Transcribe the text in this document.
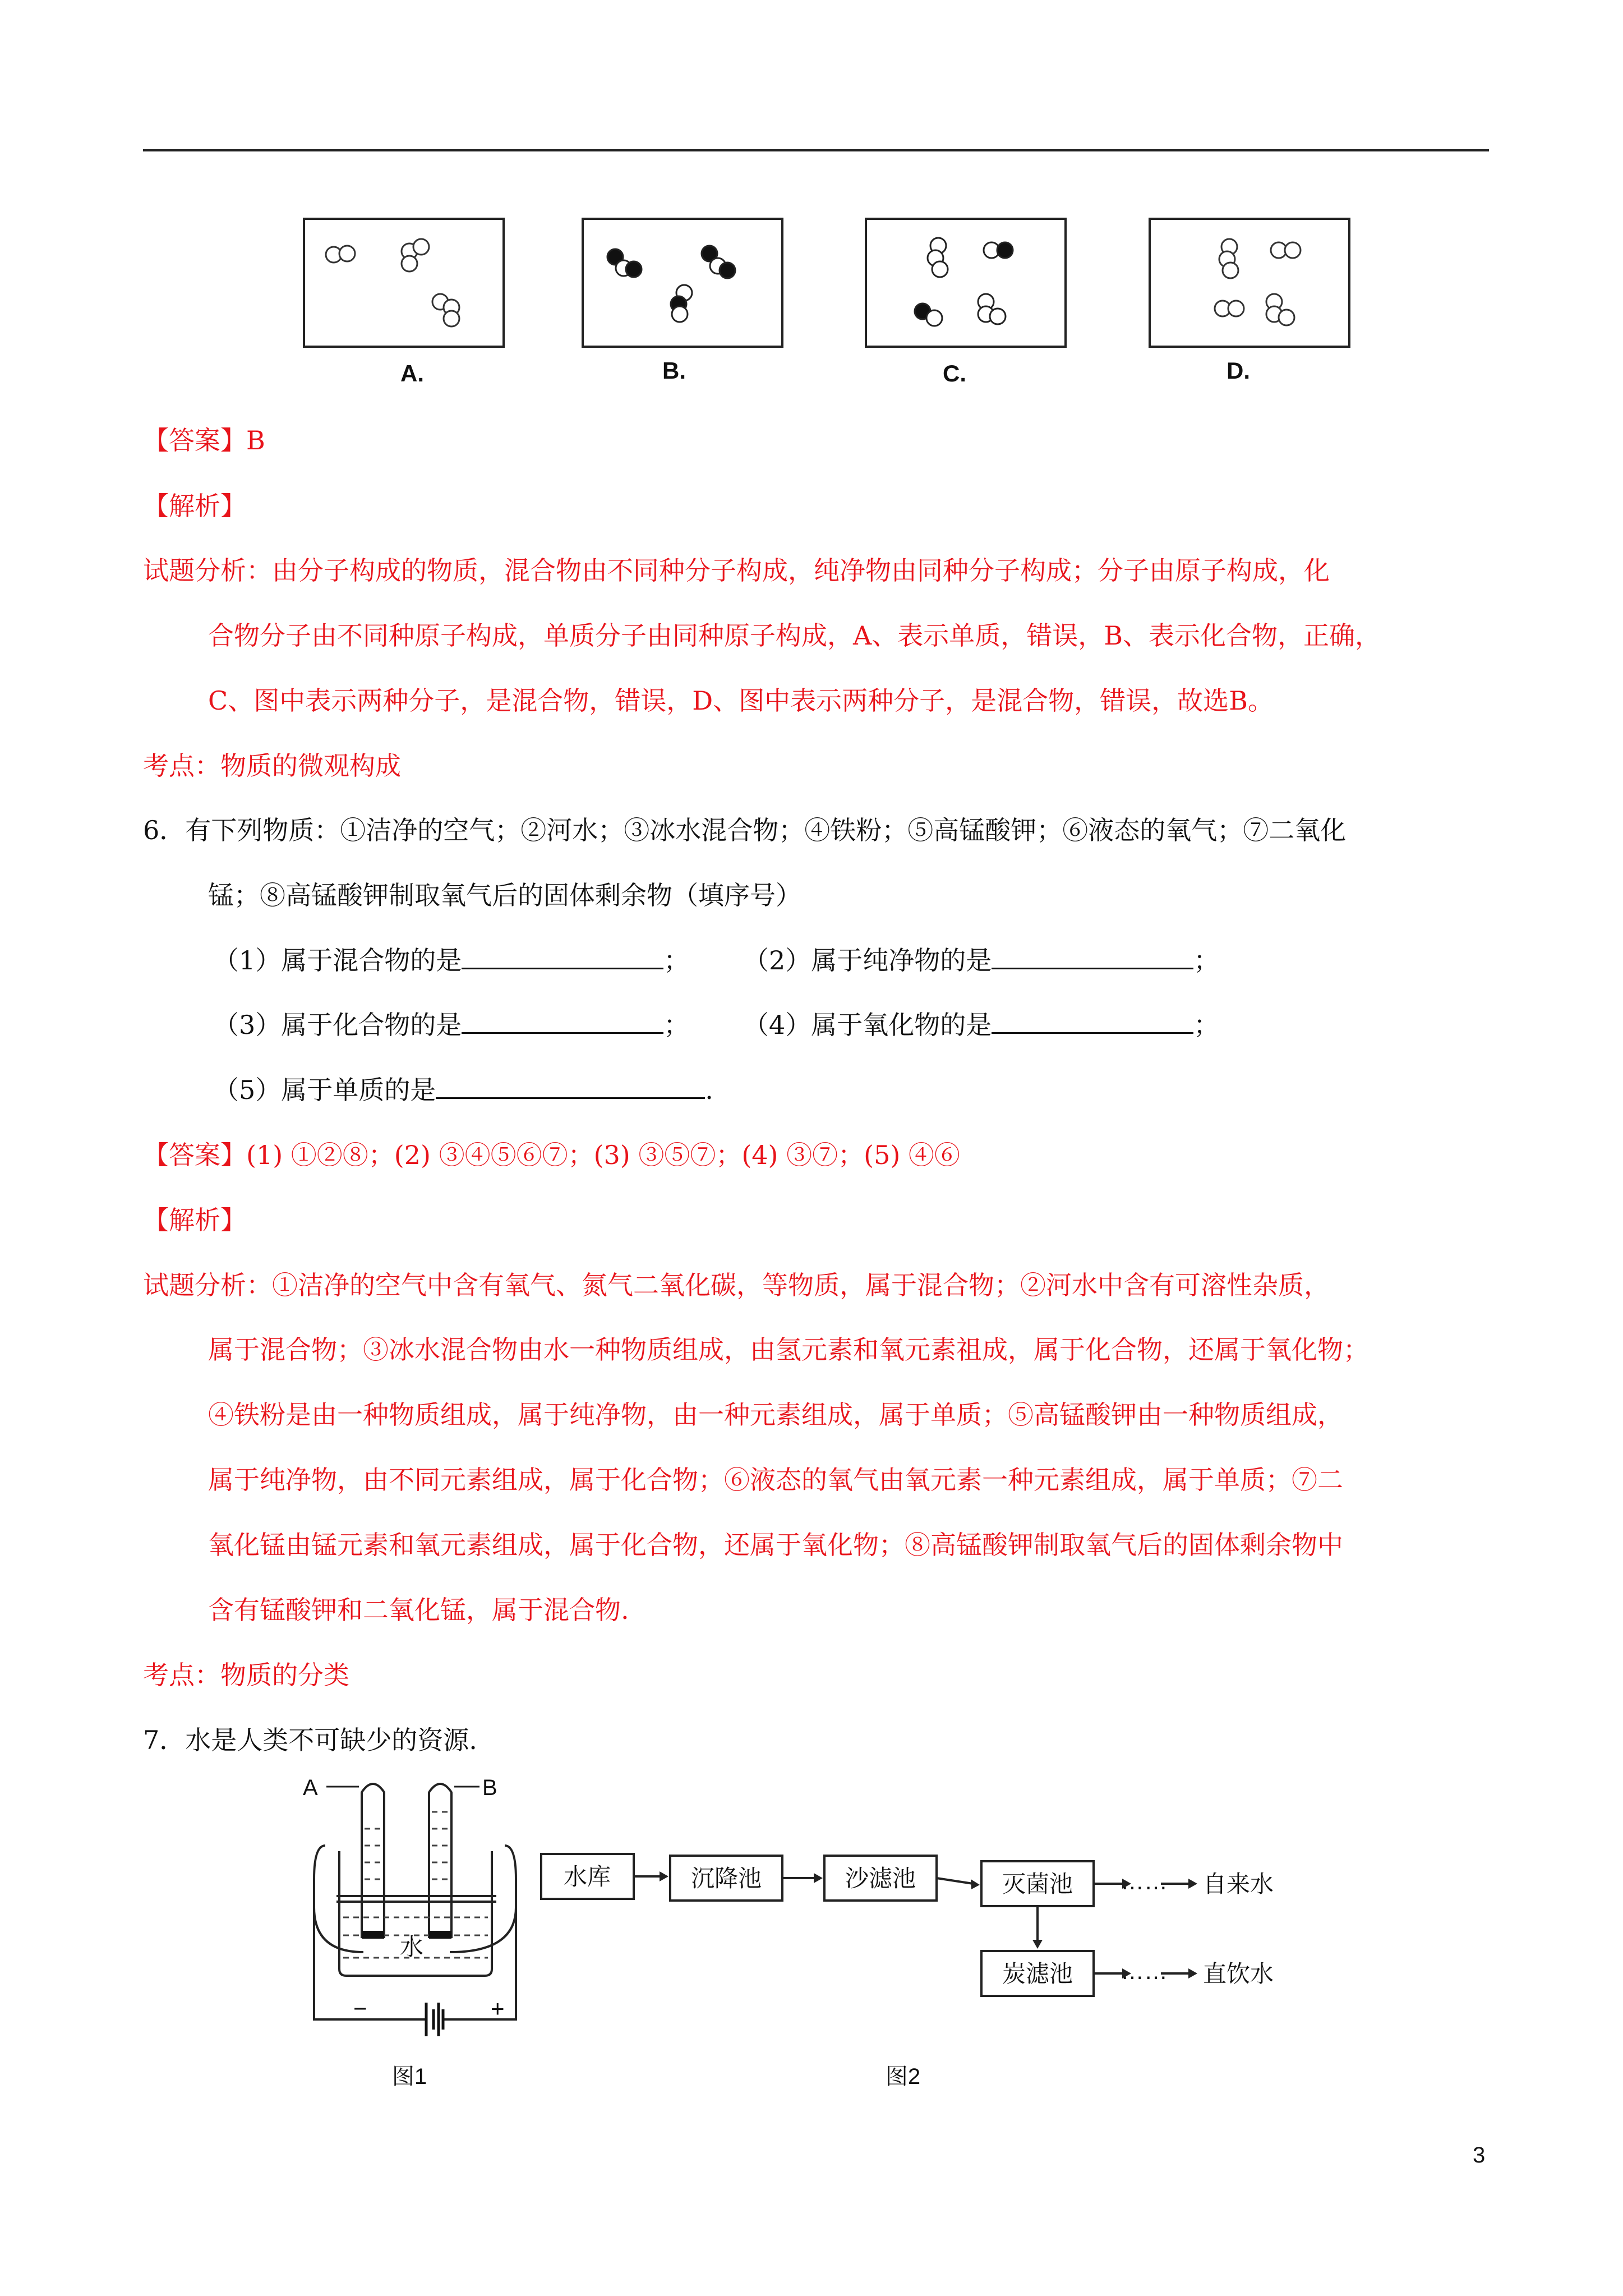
A.	B.	C.	D.
【答案】B
【解析】
试题分析：由分子构成的物质，混合物由不同种分子构成，纯净物由同种分子构成；分子由原子构成，化
合物分子由不同种原子构成，单质分子由同种原子构成，A、表示单质，错误，B、表示化合物，正确，
C、图中表示两种分子，是混合物，错误，D、图中表示两种分子，是混合物，错误，故选B。
考点：物质的微观构成
6．有下列物质：①洁净的空气；②河水；③冰水混合物；④铁粉；⑤高锰酸钾；⑥液态的氧气；⑦二氧化
锰；⑧高锰酸钾制取氧气后的固体剩余物（填序号）
（1）属于混合物的是	； （2）属于纯净物的是	；
（3）属于化合物的是	； （4）属于氧化物的是	；
（5）属于单质的是	.
【答案】(1) ①②⑧；(2) ③④⑤⑥⑦；(3) ③⑤⑦；(4) ③⑦；(5) ④⑥
【解析】
试题分析：①洁净的空气中含有氧气、氮气二氧化碳，等物质，属于混合物；②河水中含有可溶性杂质，
属于混合物；③冰水混合物由水一种物质组成，由氢元素和氧元素祖成，属于化合物，还属于氧化物；
④铁粉是由一种物质组成，属于纯净物，由一种元素组成，属于单质；⑤高锰酸钾由一种物质组成，
属于纯净物，由不同元素组成，属于化合物；⑥液态的氧气由氧元素一种元素组成，属于单质；⑦二
氧化锰由锰元素和氧元素组成，属于化合物，还属于氧化物；⑧高锰酸钾制取氧气后的固体剩余物中
含有锰酸钾和二氧化锰，属于混合物.
考点：物质的分类
7．水是人类不可缺少的资源.
A	B
水
−	+
图1
水库	沉降池	沙滤池	灭菌池
炭滤池
……
……
自来水
直饮水
图2
3
